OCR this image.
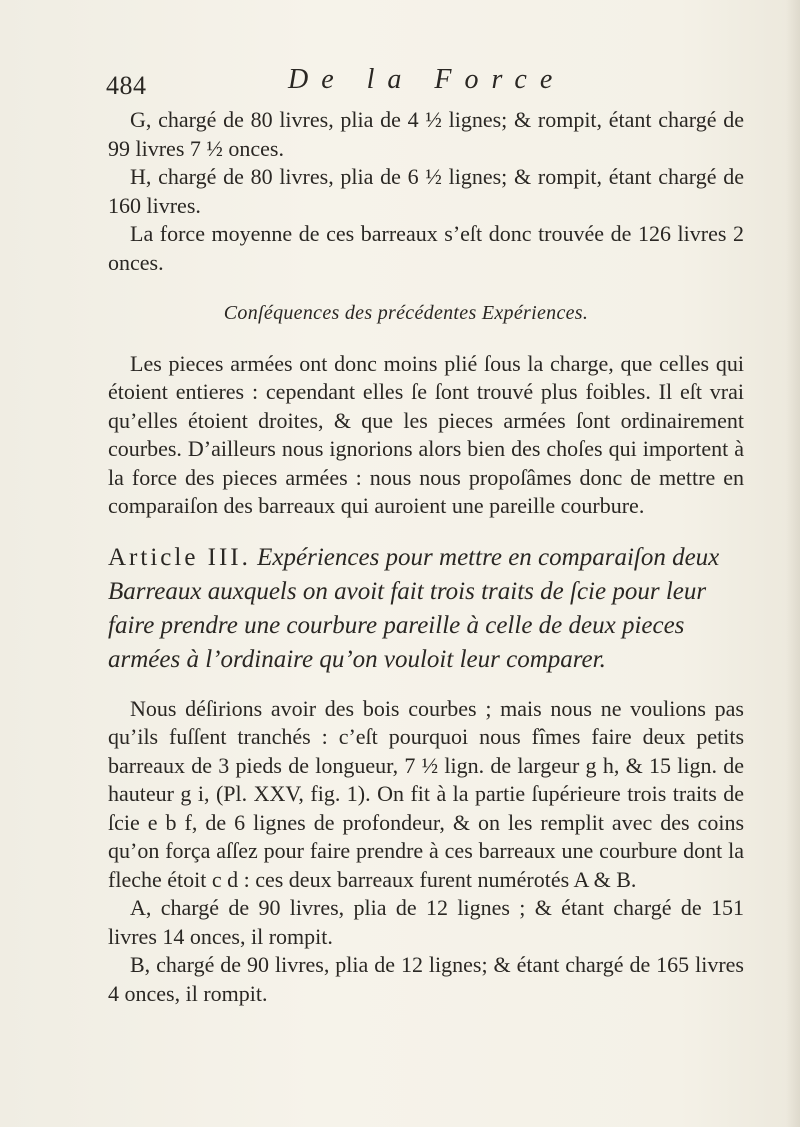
484	De la Force

G, chargé de 80 livres, plia de 4 ½ lignes; & rompit, étant chargé de 99 livres 7 ½ onces.

H, chargé de 80 livres, plia de 6 ½ lignes; & rompit, étant chargé de 160 livres.

La force moyenne de ces barreaux s’eſt donc trouvée de 126 livres 2 onces.

Conſéquences des précédentes Expériences.

Les pieces armées ont donc moins plié ſous la charge, que celles qui étoient entieres : cependant elles ſe ſont trouvé plus foibles. Il eſt vrai qu’elles étoient droites, & que les pieces armées ſont ordinairement courbes. D’ailleurs nous ignorions alors bien des choſes qui importent à la force des pieces armées : nous nous propoſâmes donc de mettre en comparaiſon des barreaux qui auroient une pareille courbure.

Article III. Expériences pour mettre en comparaiſon deux Barreaux auxquels on avoit fait trois traits de ſcie pour leur faire prendre une courbure pareille à celle de deux pieces armées à l’ordinaire qu’on vouloit leur comparer.

Nous déſirions avoir des bois courbes ; mais nous ne voulions pas qu’ils fuſſent tranchés : c’eſt pourquoi nous fîmes faire deux petits barreaux de 3 pieds de longueur, 7 ½ lign. de largeur g h, & 15 lign. de hauteur g i, (Pl. XXV, fig. 1). On fit à la partie ſupérieure trois traits de ſcie e b f, de 6 lignes de profondeur, & on les remplit avec des coins qu’on força aſſez pour faire prendre à ces barreaux une courbure dont la fleche étoit c d : ces deux barreaux furent numérotés A & B.

A, chargé de 90 livres, plia de 12 lignes ; & étant chargé de 151 livres 14 onces, il rompit.

B, chargé de 90 livres, plia de 12 lignes; & étant chargé de 165 livres 4 onces, il rompit.
